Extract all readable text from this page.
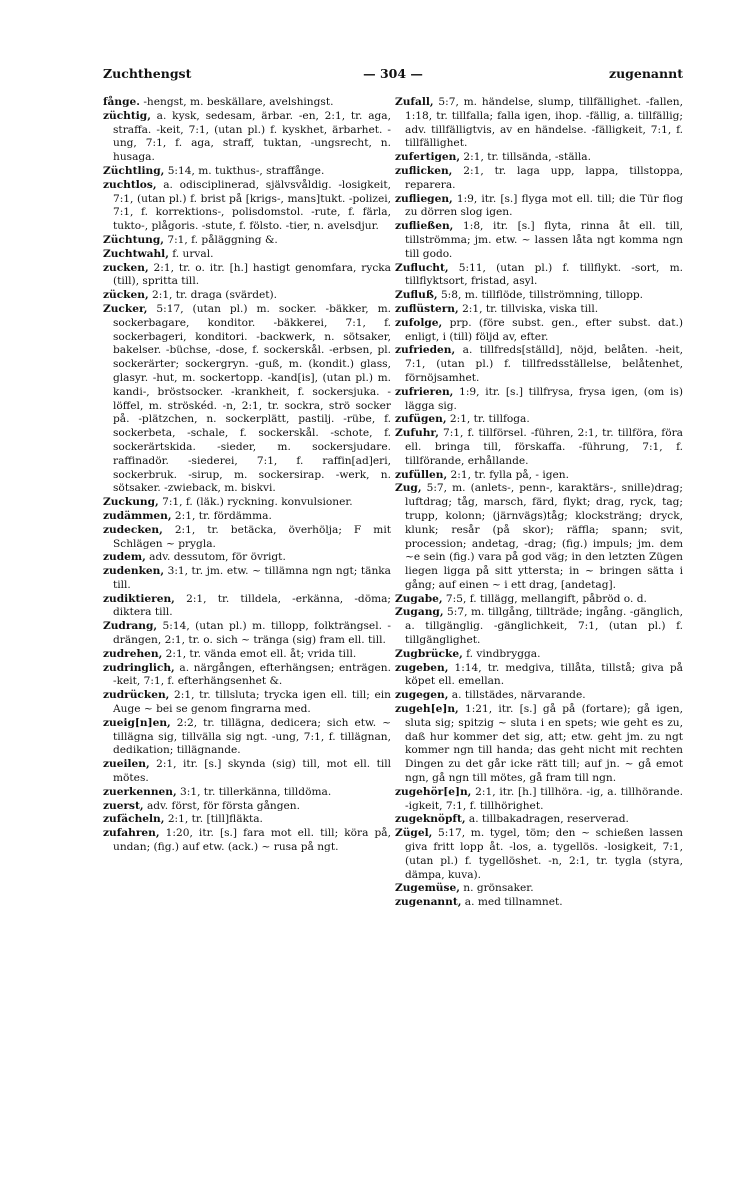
Zuchthengst	— 304 —	zugenannt

fånge. -hengst, m. beskällare, avelshingst.

züchtig, a. kysk, sedesam, ärbar. -en, 2:1, tr. aga, straffa. -keit, 7:1, (utan pl.) f. kyskhet, ärbarhet. -ung, 7:1, f. aga, straff, tuktan, -ungsrecht, n. husaga.

Züchtling, 5:14, m. tukthus-, straffånge.

zuchtlos, a. odisciplinerad, självsvåldig. -losigkeit, 7:1, (utan pl.) f. brist på [krigs-, mans]tukt. -polizei, 7:1, f. korrektions-, polisdomstol. -rute, f. färla, tukto-, plågoris. -stute, f. fölsto. -tier, n. avelsdjur.

Züchtung, 7:1, f. påläggning &.

Zuchtwahl, f. urval.

zucken, 2:1, tr. o. itr. [h.] hastigt genomfara, rycka (till), spritta till.

zücken, 2:1, tr. draga (svärdet).

Zucker, 5:17, (utan pl.) m. socker. -bäkker, m. sockerbagare, konditor. -bäkkerei, 7:1, f. sockerbageri, konditori. -backwerk, n. sötsaker, bakelser. -büchse, -dose, f. sockerskål. -erbsen, pl. sockerärter; sockergryn. -guß, m. (kondit.) glass, glasyr. -hut, m. sockertopp. -kand[is], (utan pl.) m. kandi-, bröstsocker. -krankheit, f. sockersjuka. -löffel, m. ströskéd. -n, 2:1, tr. sockra, strö socker på. -plätzchen, n. sockerplätt, pastilj. -rübe, f. sockerbeta, -schale, f. sockerskål. -schote, f. sockerärtskida. -sieder, m. sockersjudare. raffinadör. -siederei, 7:1, f. raffin[ad]eri, sockerbruk. -sirup, m. sockersirap. -werk, n. sötsaker. -zwieback, m. biskvi.

Zuckung, 7:1, f. (läk.) ryckning. konvulsioner.

zudämmen, 2:1, tr. fördämma.

zudecken, 2:1, tr. betäcka, överhölja; F mit Schlägen ~ prygla.

zudem, adv. dessutom, för övrigt.

zudenken, 3:1, tr. jm. etw. ~ tillämna ngn ngt; tänka till.

zudiktieren, 2:1, tr. tilldela, -erkänna, -döma; diktera till.

Zudrang, 5:14, (utan pl.) m. tillopp, folkträngsel. -drängen, 2:1, tr. o. sich ~ tränga (sig) fram ell. till.

zudrehen, 2:1, tr. vända emot ell. åt; vrida till.

zudringlich, a. närgången, efterhängsen; enträgen. -keit, 7:1, f. efterhängsenhet &.

zudrücken, 2:1, tr. tillsluta; trycka igen ell. till; ein Auge ~ bei se genom fingrarna med.

zueig[n]en, 2:2, tr. tillägna, dedicera; sich etw. ~ tillägna sig, tillvälla sig ngt. -ung, 7:1, f. tillägnan, dedikation; tillägnande.

zueilen, 2:1, itr. [s.] skynda (sig) till, mot ell. till mötes.

zuerkennen, 3:1, tr. tillerkänna, tilldöma.

zuerst, adv. först, för första gången.

zufächeln, 2:1, tr. [till]fläkta.

zufahren, 1:20, itr. [s.] fara mot ell. till; köra på, undan; (fig.) auf etw. (ack.) ~ rusa på ngt.

Zufall, 5:7, m. händelse, slump, tillfällighet. -fallen, 1:18, tr. tillfalla; falla igen, ihop. -fällig, a. tillfällig; adv. tillfälligtvis, av en händelse. -fälligkeit, 7:1, f. tillfällighet.

zufertigen, 2:1, tr. tillsända, -ställa.

zuflicken, 2:1, tr. laga upp, lappa, tillstoppa, reparera.

zufliegen, 1:9, itr. [s.] flyga mot ell. till; die Tür flog zu dörren slog igen.

zufließen, 1:8, itr. [s.] flyta, rinna åt ell. till, tillströmma; jm. etw. ~ lassen låta ngt komma ngn till godo.

Zuflucht, 5:11, (utan pl.) f. tillflykt. -sort, m. tillflyktsort, fristad, asyl.

Zufluß, 5:8, m. tillflöde, tillströmning, tillopp.

zuflüstern, 2:1, tr. tillviska, viska till.

zufolge, prp. (före subst. gen., efter subst. dat.) enligt, i (till) följd av, efter.

zufrieden, a. tillfreds[ställd], nöjd, belåten. -heit, 7:1, (utan pl.) f. tillfredsställelse, belåtenhet, förnöjsamhet.

zufrieren, 1:9, itr. [s.] tillfrysa, frysa igen, (om is) lägga sig.

zufügen, 2:1, tr. tillfoga.

Zufuhr, 7:1, f. tillförsel. -führen, 2:1, tr. tillföra, föra ell. bringa till, förskaffa. -führung, 7:1, f. tillförande, erhållande.

zufüllen, 2:1, tr. fylla på, - igen.

Zug, 5:7, m. (anlets-, penn-, karaktärs-, snille)drag; luftdrag; tåg, marsch, färd, flykt; drag, ryck, tag; trupp, kolonn; (järnvägs)tåg; klocksträng; dryck, klunk; resår (på skor); räffla; spann; svit, procession; andetag, -drag; (fig.) impuls; jm. dem ~e sein (fig.) vara på god väg; in den letzten Zügen liegen ligga på sitt yttersta; in ~ bringen sätta i gång; auf einen ~ i ett drag, [andetag].

Zugabe, 7:5, f. tillägg, mellangift, påbröd o. d.

Zugang, 5:7, m. tillgång, tillträde; ingång. -gänglich, a. tillgänglig. -gänglichkeit, 7:1, (utan pl.) f. tillgänglighet.

Zugbrücke, f. vindbrygga.

zugeben, 1:14, tr. medgiva, tillåta, tillstå; giva på köpet ell. emellan.

zugegen, a. tillstädes, närvarande.

zugeh[e]n, 1:21, itr. [s.] gå på (fortare); gå igen, sluta sig; spitzig ~ sluta i en spets; wie geht es zu, daß hur kommer det sig, att; etw. geht jm. zu ngt kommer ngn till handa; das geht nicht mit rechten Dingen zu det går icke rätt till; auf jn. ~ gå emot ngn, gå ngn till mötes, gå fram till ngn.

zugehör[e]n, 2:1, itr. [h.] tillhöra. -ig, a. tillhörande. -igkeit, 7:1, f. tillhörighet.

zugeknöpft, a. tillbakadragen, reserverad.

Zügel, 5:17, m. tygel, töm; den ~ schießen lassen giva fritt lopp åt. -los, a. tygellös. -losigkeit, 7:1, (utan pl.) f. tygellöshet. -n, 2:1, tr. tygla (styra, dämpa, kuva).

Zugemüse, n. grönsaker.

zugenannt, a. med tillnamnet.
